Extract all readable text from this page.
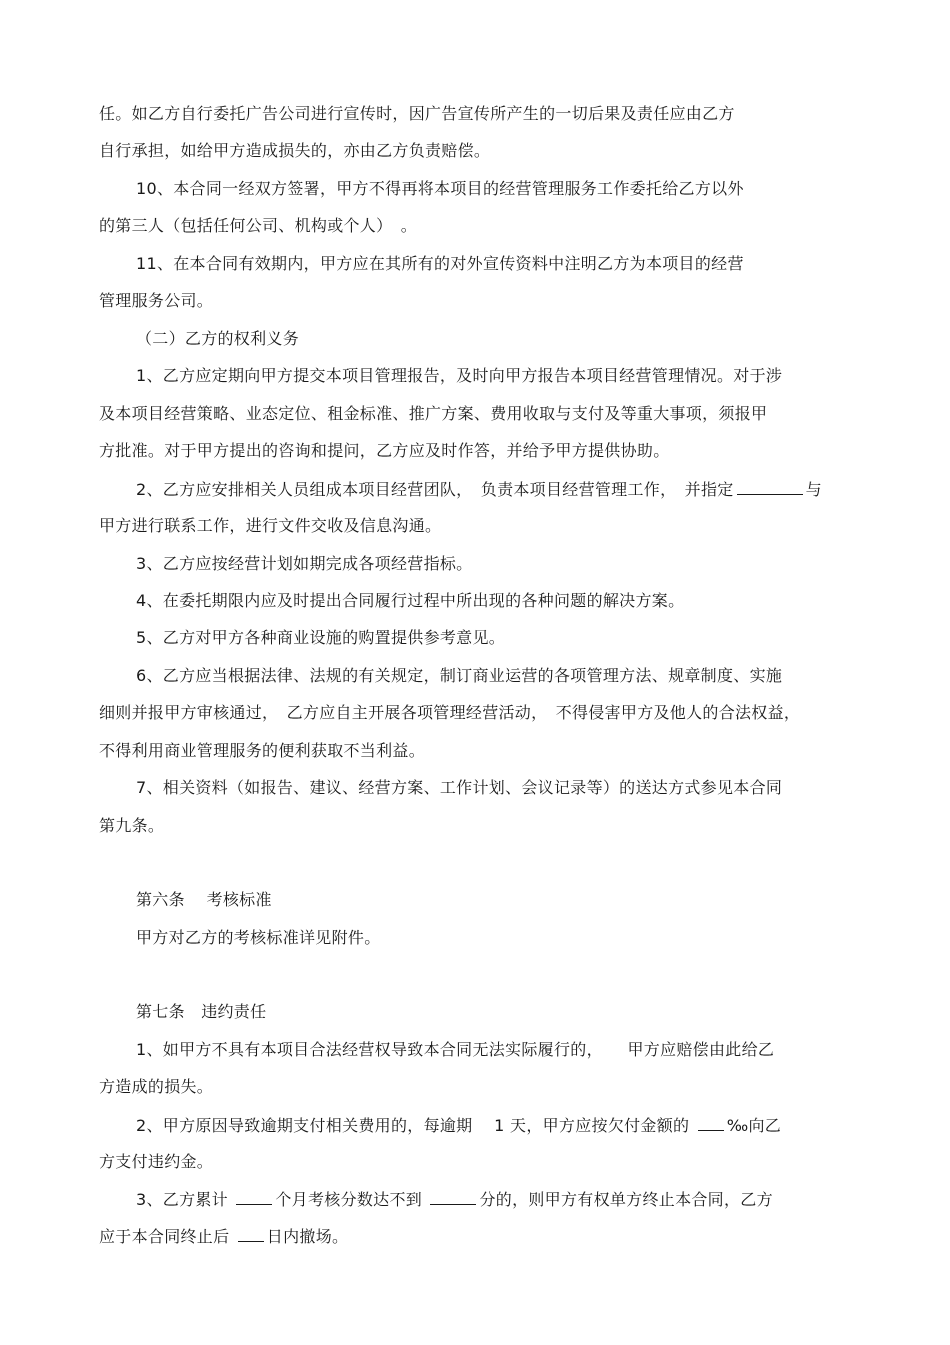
任。如乙方自行委托广告公司进行宣传时，因广告宣传所产生的一切后果及责任应由乙方
自行承担，如给甲方造成损失的，亦由乙方负责赔偿。
10、本合同一经双方签署，甲方不得再将本项目的经营管理服务工作委托给乙方以外
的第三人（包括任何公司、机构或个人）　。
11、在本合同有效期内，甲方应在其所有的对外宣传资料中注明乙方为本项目的经营
管理服务公司。
（二）乙方的权利义务
1、乙方应定期向甲方提交本项目管理报告，及时向甲方报告本项目经营管理情况。对于涉
及本项目经营策略、业态定位、租金标准、推广方案、费用收取与支付及等重大事项，须报甲
方批准。对于甲方提出的咨询和提问，乙方应及时作答，并给予甲方提供协助。
2、乙方应安排相关人员组成本项目经营团队，　负责本项目经营管理工作，　并指定	与
甲方进行联系工作，进行文件交收及信息沟通。
3、乙方应按经营计划如期完成各项经营指标。
4、在委托期限内应及时提出合同履行过程中所出现的各种问题的解决方案。
5、乙方对甲方各种商业设施的购置提供参考意见。
6、乙方应当根据法律、法规的有关规定，制订商业运营的各项管理方法、规章制度、实施
细则并报甲方审核通过，　乙方应自主开展各项管理经营活动，　不得侵害甲方及他人的合法权益，
不得利用商业管理服务的便利获取不当利益。
7、相关资料（如报告、建议、经营方案、工作计划、会议记录等）的送达方式参见本合同
第九条。
第六条　 考核标准
甲方对乙方的考核标准详见附件。
第七条　违约责任
1、如甲方不具有本项目合法经营权导致本合同无法实际履行的，　　甲方应赔偿由此给乙
方造成的损失。
2、甲方原因导致逾期支付相关费用的，每逾期　 1 天，甲方应按欠付金额的 ‰向乙
方支付违约金。
3、乙方累计	个月考核分数达不到	分的，则甲方有权单方终止本合同，乙方
应于本合同终止后 日内撤场。
